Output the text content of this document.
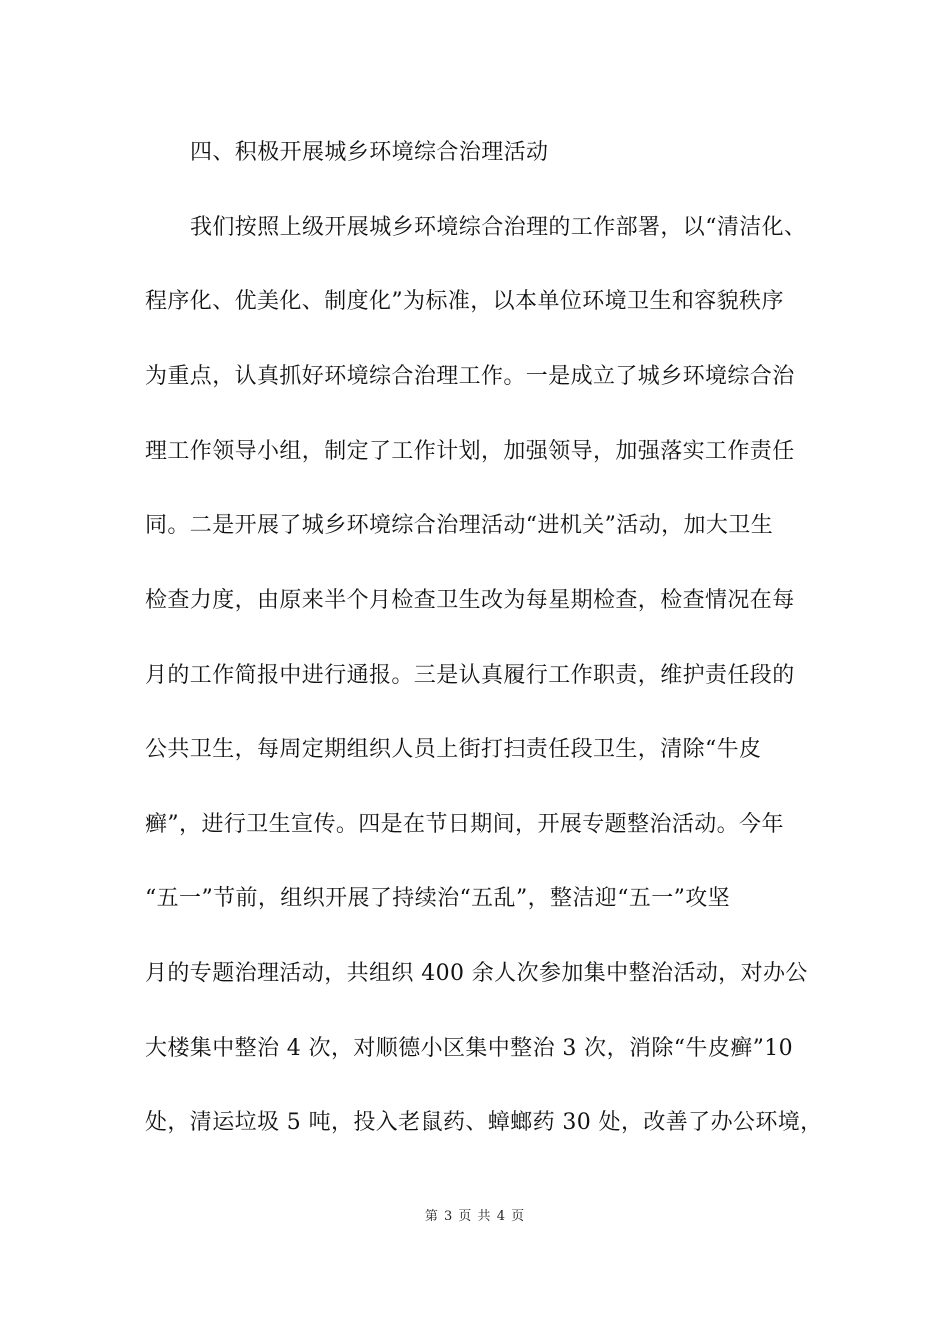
四、积极开展城乡环境综合治理活动
我们按照上级开展城乡环境综合治理的工作部署，以“清洁化、
程序化、优美化、制度化”为标准，以本单位环境卫生和容貌秩序
为重点，认真抓好环境综合治理工作。一是成立了城乡环境综合治
理工作领导小组，制定了工作计划，加强领导，加强落实工作责任
同。二是开展了城乡环境综合治理活动“进机关”活动，加大卫生
检查力度，由原来半个月检查卫生改为每星期检查，检查情况在每
月的工作简报中进行通报。三是认真履行工作职责，维护责任段的
公共卫生，每周定期组织人员上街打扫责任段卫生，清除“牛皮
癣”，进行卫生宣传。四是在节日期间，开展专题整治活动。今年
“五一”节前，组织开展了持续治“五乱”，整洁迎“五一”攻坚
月的专题治理活动，共组织 400 余人次参加集中整治活动，对办公
大楼集中整治 4 次，对顺德小区集中整治 3 次，消除“牛皮癣”10
处，清运垃圾 5 吨，投入老鼠药、蟑螂药 30 处，改善了办公环境，
第 3 页 共 4 页
